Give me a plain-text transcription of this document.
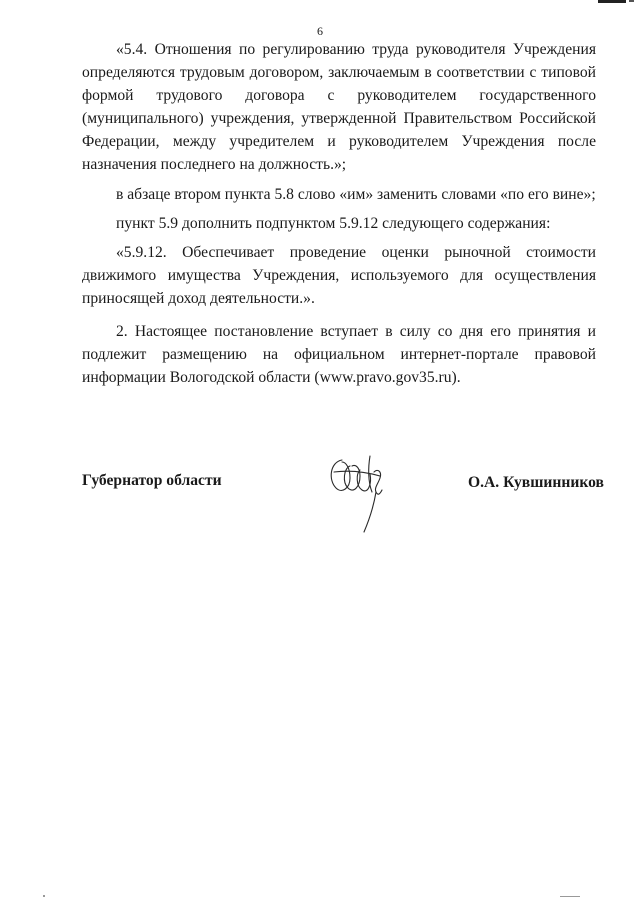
6

«5.4. Отношения по регулированию труда руководителя Учреждения определяются трудовым договором, заключаемым в соответствии с типовой формой трудового договора с руководителем государственного (муниципального) учреждения, утвержденной Правительством Российской Федерации, между учредителем и руководителем Учреждения после назначения последнего на должность.»;

в абзаце втором пункта 5.8 слово «им» заменить словами «по его вине»;

пункт 5.9 дополнить подпунктом 5.9.12 следующего содержания:

«5.9.12. Обеспечивает проведение оценки рыночной стоимости движимого имущества Учреждения, используемого для осуществления приносящей доход деятельности.».

2. Настоящее постановление вступает в силу со дня его принятия и подлежит размещению на официальном интернет-портале правовой информации Вологодской области (www.pravo.gov35.ru).

Губернатор области	О.А. Кувшинников
